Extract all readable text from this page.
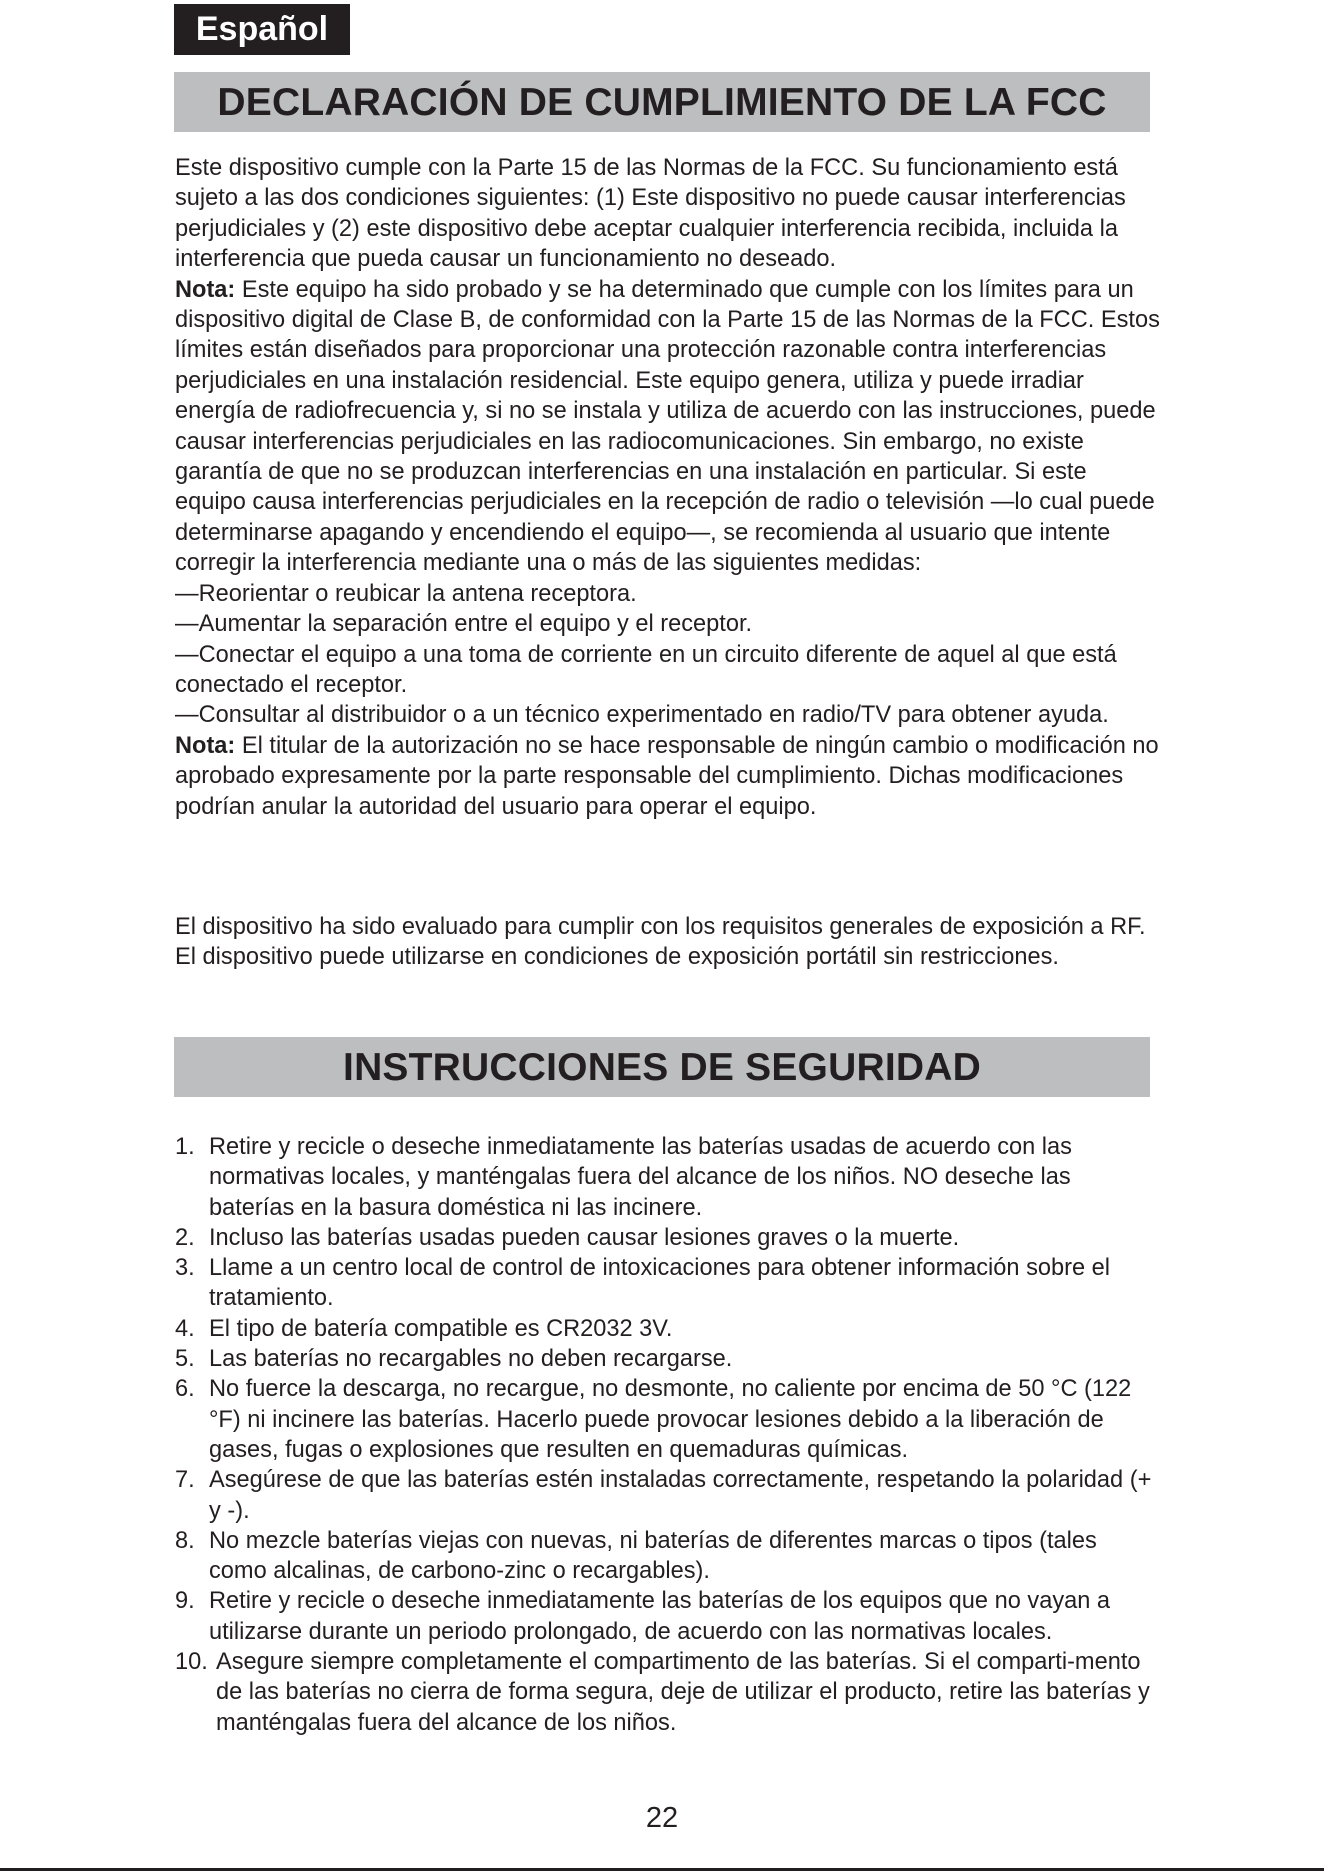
Español
DECLARACIÓN DE CUMPLIMIENTO DE LA FCC

Este dispositivo cumple con la Parte 15 de las Normas de la FCC. Su funcionamiento está sujeto a las dos condiciones siguientes: (1) Este dispositivo no puede causar interferencias perjudiciales y (2) este dispositivo debe aceptar cualquier interferencia recibida, incluida la interferencia que pueda causar un funcionamiento no deseado.

Nota: Este equipo ha sido probado y se ha determinado que cumple con los límites para un dispositivo digital de Clase B, de conformidad con la Parte 15 de las Normas de la FCC. Estos límites están diseñados para proporcionar una protección razonable contra interferencias perjudiciales en una instalación residencial. Este equipo genera, utiliza y puede irradiar energía de radiofrecuencia y, si no se instala y utiliza de acuerdo con las instrucciones, puede causar interferencias perjudiciales en las radiocomunicaciones. Sin embargo, no existe garantía de que no se produzcan interferencias en una instalación en particular. Si este equipo causa interferencias perjudiciales en la recepción de radio o televisión —lo cual puede determinarse apagando y encendiendo el equipo—, se recomienda al usuario que intente corregir la interferencia mediante una o más de las siguientes medidas:

—Reorientar o reubicar la antena receptora.

—Aumentar la separación entre el equipo y el receptor.

—Conectar el equipo a una toma de corriente en un circuito diferente de aquel al que está conectado el receptor.

—Consultar al distribuidor o a un técnico experimentado en radio/TV para obtener ayuda.

Nota: El titular de la autorización no se hace responsable de ningún cambio o modificación no aprobado expresamente por la parte responsable del cumplimiento. Dichas modificaciones podrían anular la autoridad del usuario para operar el equipo.

El dispositivo ha sido evaluado para cumplir con los requisitos generales de exposición a RF. El dispositivo puede utilizarse en condiciones de exposición portátil sin restricciones.

INSTRUCCIONES DE SEGURIDAD
1. Retire y recicle o deseche inmediatamente las baterías usadas de acuerdo con las normativas locales, y manténgalas fuera del alcance de los niños. NO deseche las baterías en la basura doméstica ni las incinere.
2. Incluso las baterías usadas pueden causar lesiones graves o la muerte.
3. Llame a un centro local de control de intoxicaciones para obtener información sobre el tratamiento.
4. El tipo de batería compatible es CR2032 3V.
5. Las baterías no recargables no deben recargarse.
6. No fuerce la descarga, no recargue, no desmonte, no caliente por encima de 50 °C (122 °F) ni incinere las baterías. Hacerlo puede provocar lesiones debido a la liberación de gases, fugas o explosiones que resulten en quemaduras químicas.
7. Asegúrese de que las baterías estén instaladas correctamente, respetando la polaridad (+ y -).
8. No mezcle baterías viejas con nuevas, ni baterías de diferentes marcas o tipos (tales como alcalinas, de carbono-zinc o recargables).
9. Retire y recicle o deseche inmediatamente las baterías de los equipos que no vayan a utilizarse durante un periodo prolongado, de acuerdo con las normativas locales.
10. Asegure siempre completamente el compartimento de las baterías. Si el comparti-mento de las baterías no cierra de forma segura, deje de utilizar el producto, retire las baterías y manténgalas fuera del alcance de los niños.
22
